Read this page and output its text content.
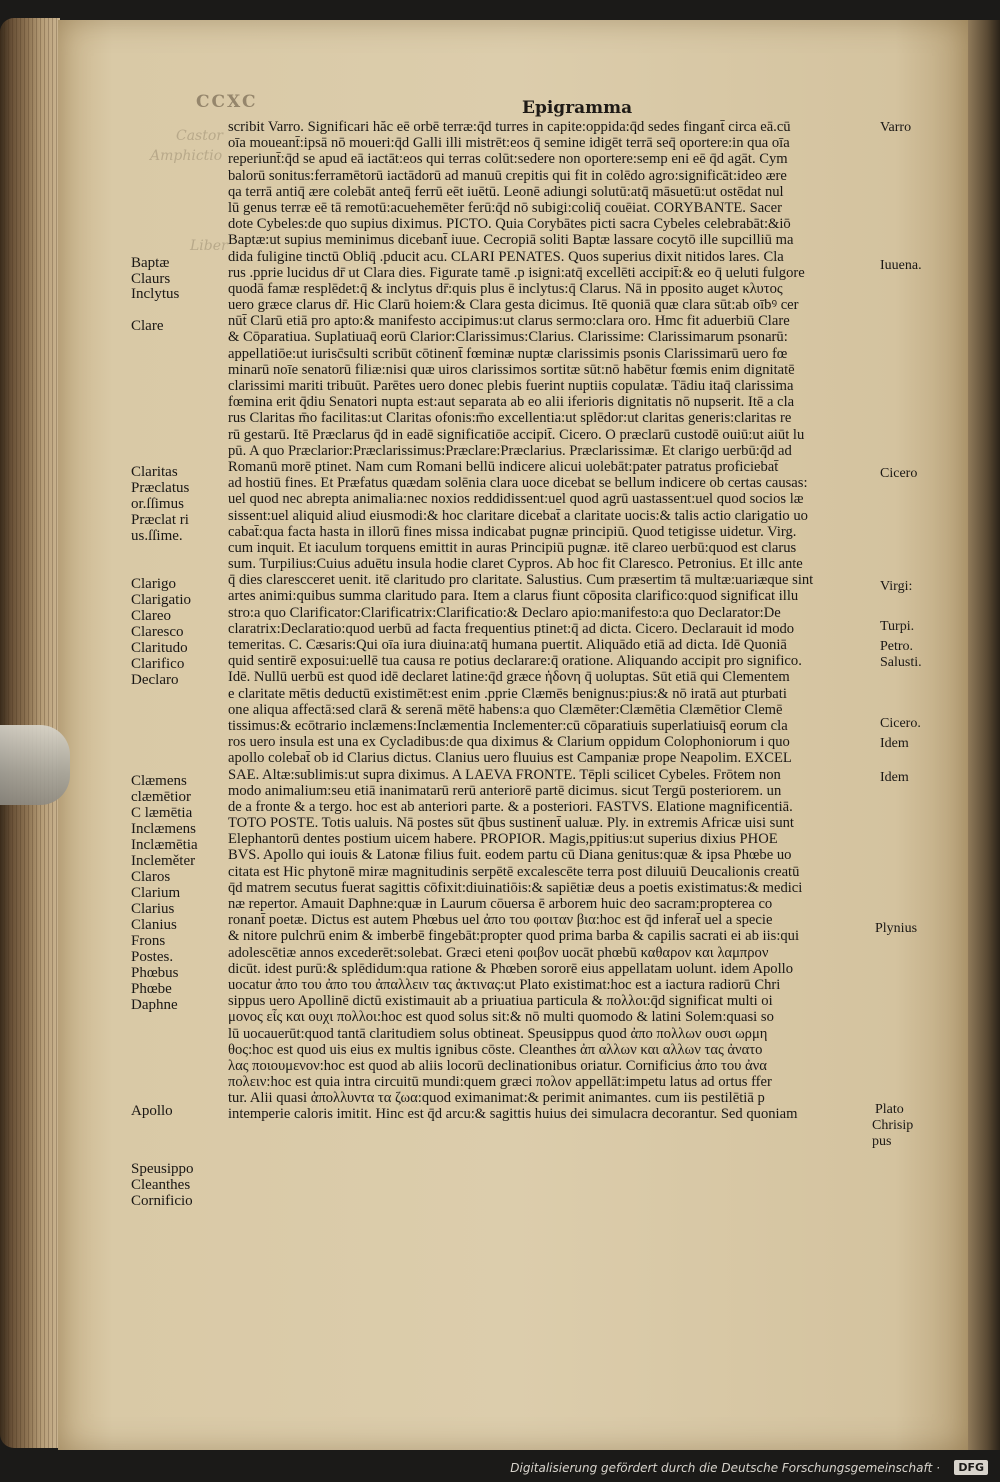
Castor
Amphictio
Liber
CCXC	Epigramma
scribit Varro. Significari hăc eē orbē terræ:q̄d turres in capite:oppida:q̄d sedes fingant̄ circa eā.cū
oīa moueant̄:ipsā nō moueri:q̄d Galli illi mistrēt:eos q̄ semine idigēt terrā seq̄ oportere:in qua oīa
reperiunt̄:q̄d se apud eā iactāt:eos qui terras colūt:sedere non oportere:semp eni eē q̄d agāt. Cym
balorū sonitus:ferramētorū iactādorū ad manuū crepitis qui fit in colēdo agro:significāt:ideo ære
qa terrā antiq̄ ære colebāt anteq̄ ferrū eēt iuētū. Leonē adiungi solutū:atq̄ māsuetū:ut ostēdat nul
lū genus terræ eē tā remotū:acuehemēter ferū:q̄d nō subigi:coliq̄ couēiat. CORYBANTE. Sacer
dote Cybeles:de quo supius diximus. PICTO. Quia Corybātes picti sacra Cybeles celebrabāt:&iō
Baptæ:ut supius meminimus dicebant̄ iuue. Cecropiā soliti Baptæ lassare cocytō ille supcilliū ma
dida fuligine tinctū Obliq̄ .pducit acu. CLARI PENATES. Quos superius dixit nitidos lares. Cla
rus .pprie lucidus dr̄ ut Clara dies. Figurate tamē .p isigni:atq̄ excellēti accipit̄:& eo q̄ ueluti fulgore
quodā famæ resplēdet:q̄ & inclytus dr̄:quis plus ē inclytus:q̄ Clarus. Nā in pposito auget κλυτος
uero græce clarus dr̄. Hic Clarū hoiem:& Clara gesta dicimus. Itē quoniā quæ clara sūt:ab oībꝰ cer
nūt̄ Clarū etiā pro apto:& manifesto accipimus:ut clarus sermo:clara oro. Hmc fit aduerbiū Clare
& Cōparatiua. Suplatiuaq̄ eorū Clarior:Clarissimus:Clarius. Clarissime: Clarissimarum psonarū:
appellatiōe:ut iurisc̄sulti scribūt cōtinent̄ fœminæ nuptæ clarissimis psonis Clarissimarū uero fœ
minarū noīe senatorū filiæ:nisi quæ uiros clarissimos sortitæ sūt:nō habētur fœmis enim dignitatē
clarissimi mariti tribuūt. Parētes uero donec plebis fuerint nuptiis copulatæ. Tādiu itaq̄ clarissima
fœmina erit q̄diu Senatori nupta est:aut separata ab eo alii iferioris dignitatis nō nupserit. Itē a cla
rus Claritas m̄o facilitas:ut Claritas ofonis:m̄o excellentia:ut splēdor:ut claritas generis:claritas re
rū gestarū. Itē Præclarus q̄d in eadē significatiōe accipit̄. Cicero. O præclarū custodē ouiū:ut aiūt lu
pū. A quo Præclarior:Præclarissimus:Præclare:Præclarius. Præclarissimæ. Et clarigo uerbū:q̄d̄ ad
Romanū morē ptinet. Nam cum Romani bellū indicere alicui uolebāt:pater patratus proficiebat̄
ad hostiū fines. Et Præfatus quædam solēnia clara uoce dicebat se bellum indicere ob certas causas:
uel quod nec abrepta animalia:nec noxios reddidissent:uel quod agrū uastassent:uel quod socios læ
sissent:uel aliquid aliud eiusmodi:& hoc claritare dicebat̄ a claritate uocis:& talis actio clarigatio uo
cabat̄:qua facta hasta in illorū fines missa indicabat pugnæ principiū. Quod tetigisse uidetur. Virg.
cum inquit. Et iaculum torquens emittit in auras Principiū pugnæ. itē clareo uerbū:quod est clarus
sum. Turpilius:Cuius aduētu insula hodie claret Cypros. Ab hoc fit Claresco. Petronius. Et illc ante
q̄ dies clarescceret uenit. itē claritudo pro claritate. Salustius. Cum præsertim tā multæ:uariæque sint
artes animi:quibus summa claritudo para. Item a clarus fiunt cōposita clarifico:quod significat illu
stro:a quo Clarificator:Clarificatrix:Clarificatio:& Declaro apio:manifesto:a quo Declarator:De
claratrix:Declaratio:quod uerbū ad facta frequentius ptinet:q̄ ad dicta. Cicero. Declarauit id modo
temeritas. C. Cæsaris:Qui oīa iura diuina:atq̄ humana puertit. Aliquādo etiā ad dicta. Idē Quoniā
quid sentirē exposui:uellē tua causa re potius declarare:q̄ oratione. Aliquando accipit pro significo.
Idē. Nullū uerbū est quod idē declaret latine:q̄d græce ἡδονη q̄ uoluptas. Sūt etiā qui Clementem
e claritate mētis deductū existimēt:est enim .pprie Clæmēs benignus:pius:& nō iratā aut pturbati
one aliqua affectā:sed clarā & serenā mētē habens:a quo Clæmēter:Clæmētia Clæmētior Clemē
tissimus:& ecōtrario inclæmens:Inclæmentia Inclementer:cū cōparatiuis superlatiuisq̄ eorum cla
ros uero insula est una ex Cycladibus:de qua diximus & Clarium oppidum Colophoniorum i quo
apollo colebat̄ ob id Clarius dictus. Clanius uero fluuius est Campaniæ prope Neapolim. EXCEL
SAE. Altæ:sublimis:ut supra diximus. A LAEVA FRONTE. Tēpli scilicet Cybeles. Frōtem non
modo animalium:seu etiā inanimatarū rerū anteriorē partē dicimus. sicut Tergū posteriorem. un
de a fronte & a tergo. hoc est ab anteriori parte. & a posteriori. FASTVS. Elatione magnificentiā.
TOTO POSTE. Totis ualuis. Nā postes sūt q̄bus sustinent̄ ualuæ. Ply. in extremis Africæ uisi sunt
Elephantorū dentes postium uicem habere. PROPIOR. Magis,ppitius:ut superius dixius PHOE
BVS. Apollo qui iouis & Latonæ filius fuit. eodem partu cū Diana genitus:quæ & ipsa Phœbe uo
citata est Hic phytonē miræ magnitudinis serpētē excalescēte terra post diluuiū Deucalionis creatū
q̄d matrem secutus fuerat sagittis cōfixit:diuinatiōis:& sapiētiæ deus a poetis existimatus:& medici
næ repertor. Amauit Daphne:quæ in Laurum cōuersa ē arborem huic deo sacram:propterea co
ronant̄ poetæ. Dictus est autem Phœbus uel ἀπο του φοιταν βια:hoc est q̄d inferat̄ uel a specie
& nitore pulchrū enim & imberbē fingebāt:propter quod prima barba & capilis sacrati ei ab iis:qui
adolescētiæ annos excederēt:solebat. Græci eteni φοιβον uocāt phœbū καθαρον και λαμπρον
dicūt. idest purū:& splēdidum:qua ratione & Phœben sororē eius appellatam uolunt. idem Apollo
uocatur ἀπο του ἀπο του ἀπαλλειν τας ἀκτινας:ut Plato existimat:hoc est a iactura radiorū Chri
sippus uero Apollinē dictū existimauit ab a priuatiua particula & πολλοι:q̄d significat multi oi
μονος εἶς και ουχι πολλοι:hoc est quod solus sit:& nō multi quomodo & latini Solem:quasi so
lū uocauerūt:quod tantā claritudiem solus obtineat. Speusippus quod ἀπο πολλων ουσι ωρμη
θος:hoc est quod uis eius ex multis ignibus cōste. Cleanthes ἀπ αλλων και αλλων τας ἀνατο
λας ποιουμενον:hoc est quod ab aliis locorū declinationibus oriatur. Cornificius ἀπο του ἀνα
πολειν:hoc est quia intra circuitū mundi:quem græci πολον appellāt:impetu latus ad ortus ffer
tur. Alii quasi ἀπολλυντα τα ζωα:quod eximanimat:& perimit animantes. cum iis pestilētiā p
intemperie caloris imitit. Hinc est q̄d̄ arcu:& sagittis huius dei simulacra decorantur. Sed quoniam
Baptæ
Claurs
Inclytus
Clare
Claritas
Præclatus
or.ſſimus
Præclat ri
us.ſſime.
Clarigo
Clarigatio
Clareo
Claresco
Claritudo
Clarifico
Declaro
Clæmens
clæmētior
C læmētia
Inclæmens
Inclæmētia
Incleměter
Claros
Clarium
Clarius
Clanius
Frons
Postes.
Phœbus
Phœbe
Daphne
Apollo
Speusippo
Cleanthes
Cornificio
Varro
Iuuena.
Cicero
Virgi:
Turpi.
Petro.
Salusti.
Cicero.
Idem
Idem
Plynius
Plato
Chrisip
pus
Digitalisierung gefördert durch die Deutsche Forschungsgemeinschaft ·	DFG
